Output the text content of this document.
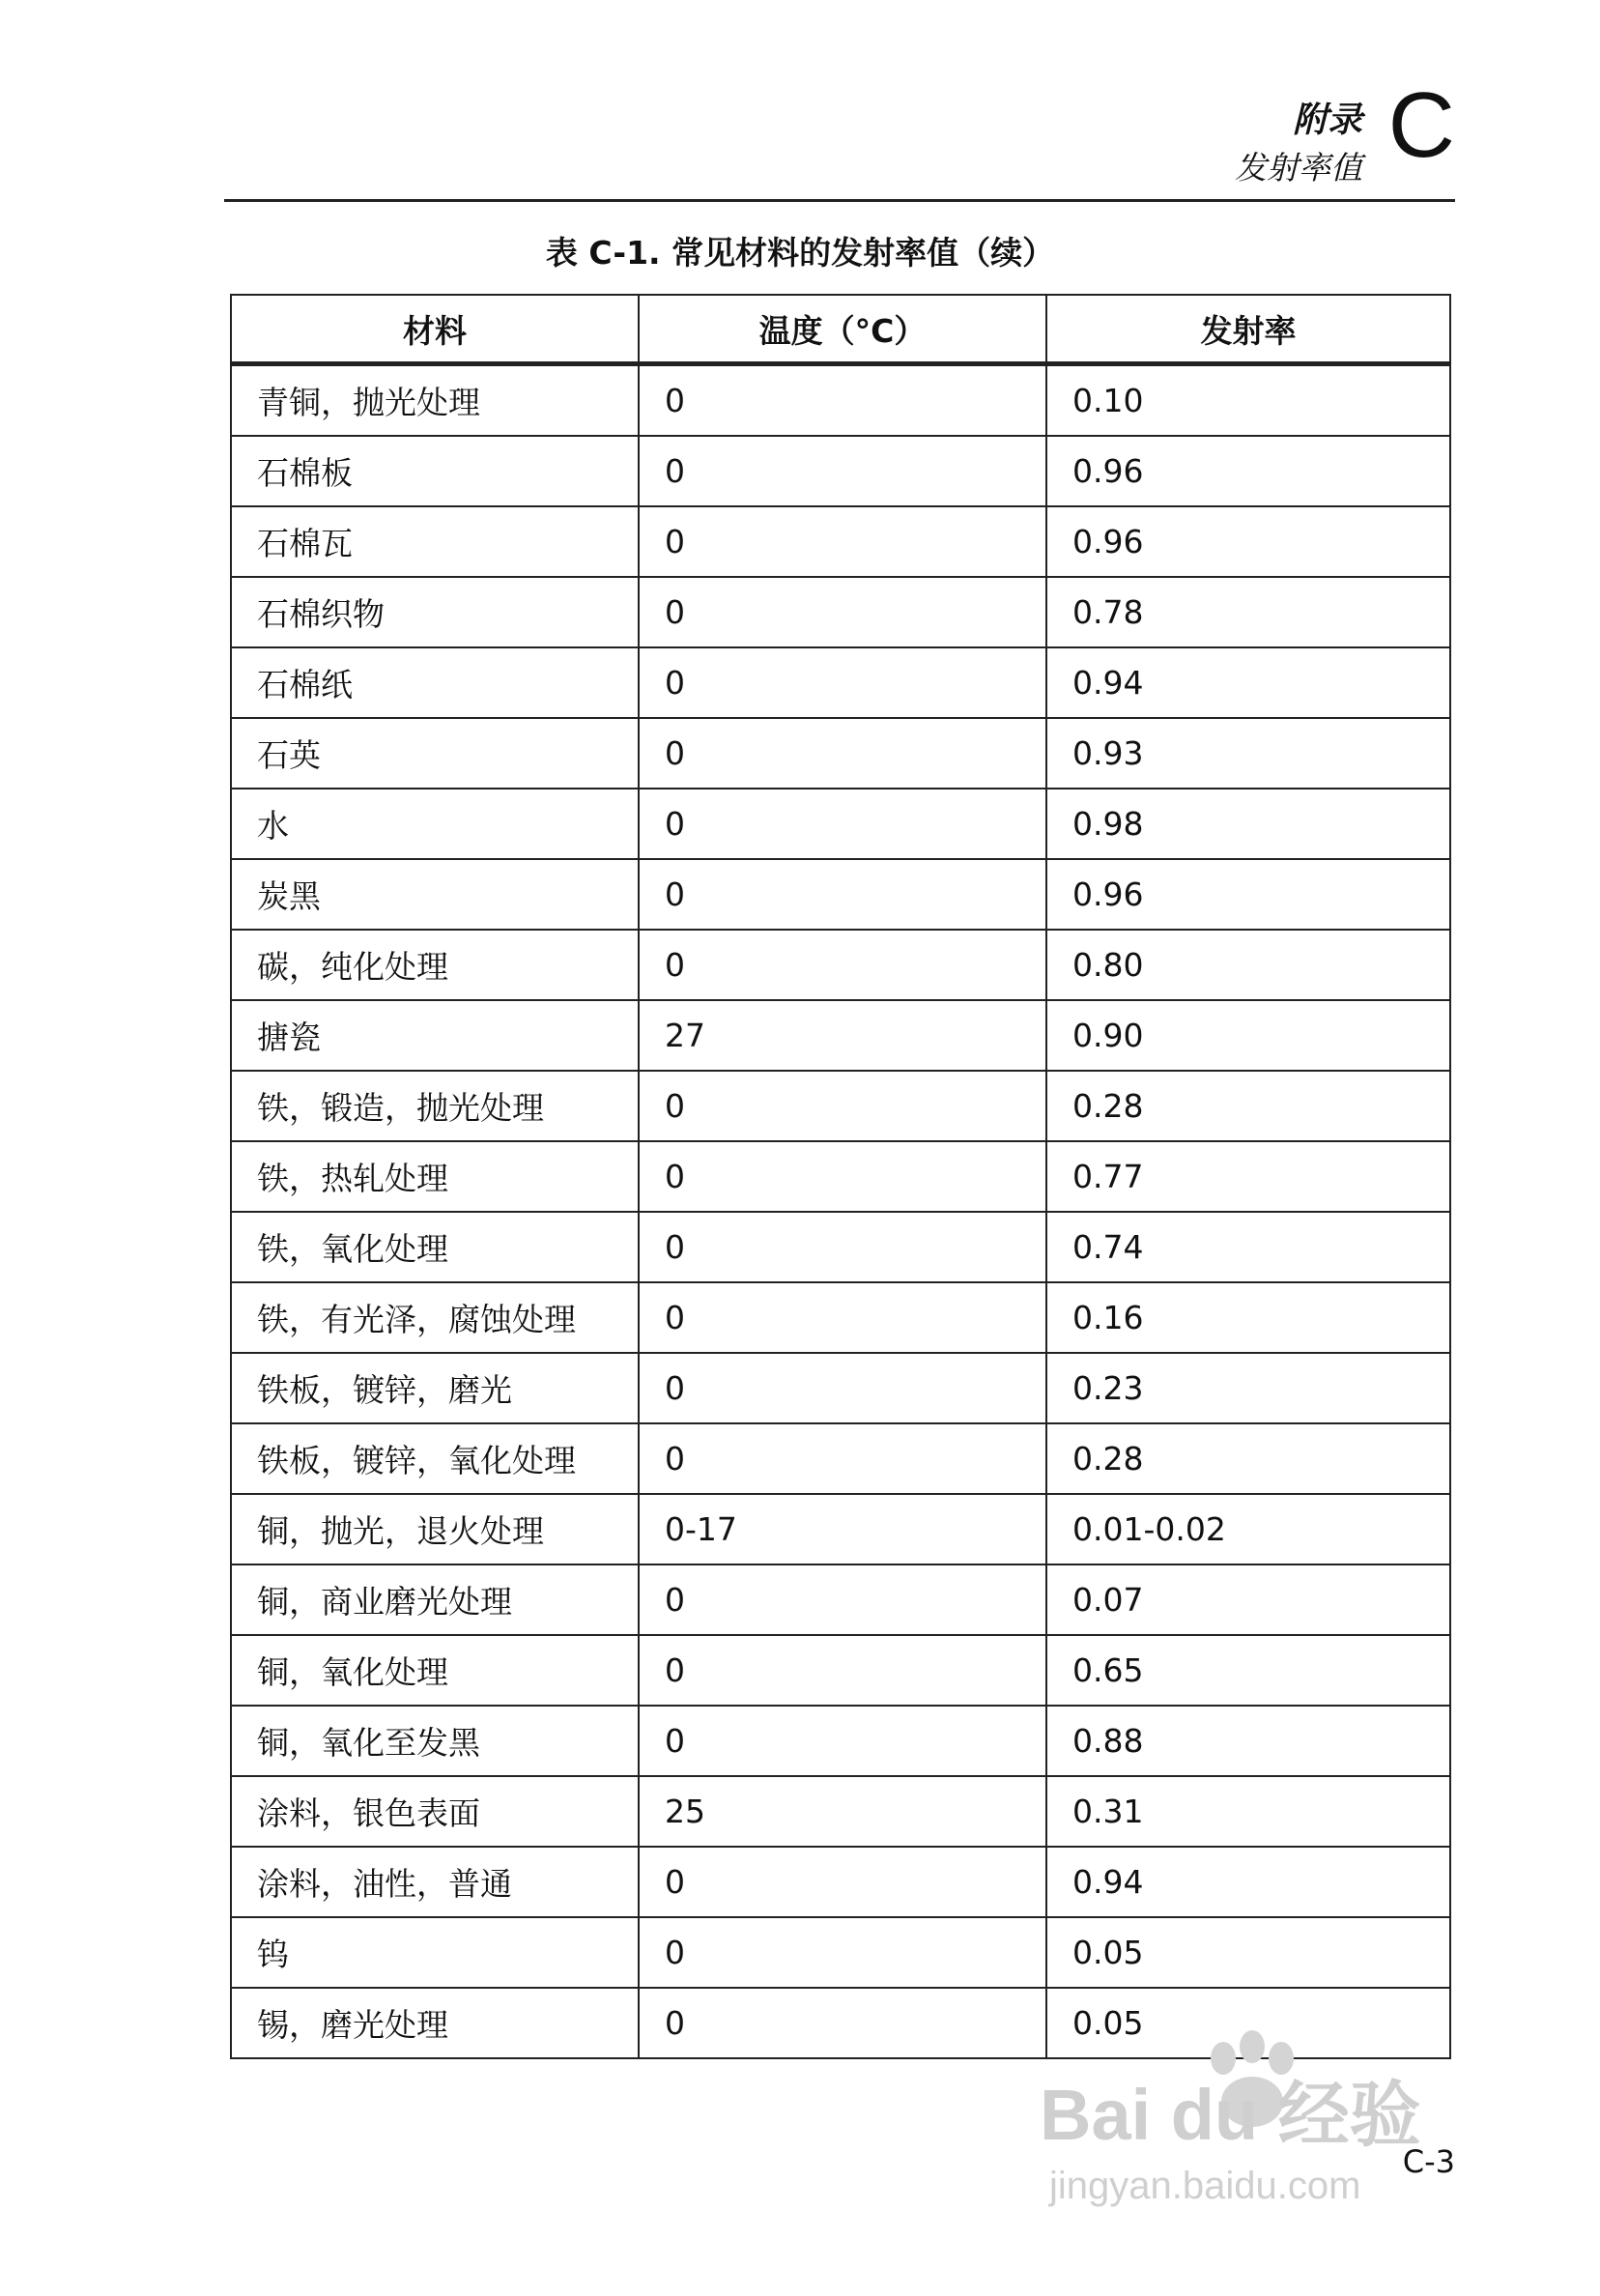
附录
发射率值 C
表 C-1. 常见材料的发射率值（续）
材料	温度（°C）	发射率
青铜，抛光处理	0	0.10
石棉板	0	0.96
石棉瓦	0	0.96
石棉织物	0	0.78
石棉纸	0	0.94
石英	0	0.93
水	0	0.98
炭黑	0	0.96
碳，纯化处理	0	0.80
搪瓷	27	0.90
铁，锻造，抛光处理	0	0.28
铁，热轧处理	0	0.77
铁，氧化处理	0	0.74
铁，有光泽，腐蚀处理	0	0.16
铁板，镀锌，磨光	0	0.23
铁板，镀锌，氧化处理	0	0.28
铜，抛光，退火处理	0-17	0.01-0.02
铜，商业磨光处理	0	0.07
铜，氧化处理	0	0.65
铜，氧化至发黑	0	0.88
涂料，银色表面	25	0.31
涂料，油性，普通	0	0.94
钨	0	0.05
锡，磨光处理	0	0.05
Bai du 经验
jingyan.baidu.com
C-3
